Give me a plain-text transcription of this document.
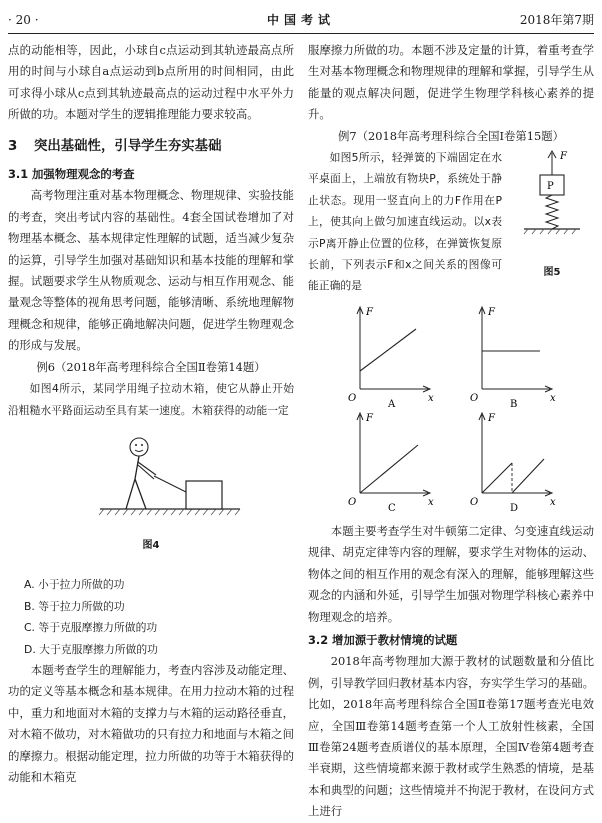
· 20 ·	中国考试	2018年第7期

点的动能相等，因此，小球自c点运动到其轨迹最高点所用的时间与小球自a点运动到b点所用的时间相同，由此可求得小球从c点到其轨迹最高点的运动过程中水平外力所做的功。本题对学生的逻辑推理能力要求较高。

3 突出基础性，引导学生夯实基础
3.1 加强物理观念的考查

高考物理注重对基本物理概念、物理规律、实验技能的考查，突出考试内容的基础性。4套全国试卷增加了对物理基本概念、基本规律定性理解的试题，适当减少复杂的运算，引导学生加强对基础知识和基本技能的理解和掌握。试题要求学生从物质观念、运动与相互作用观念、能量观念等整体的视角思考问题，能够清晰、系统地理解物理概念和规律，能够正确地解决问题，促进学生物理观念的形成与发展。

例6（2018年高考理科综合全国Ⅱ卷第14题）

如图4所示，某同学用绳子拉动木箱，使它从静止开始沿粗糙水平路面运动至具有某一速度。木箱获得的动能一定

图4
A. 小于拉力所做的功
B. 等于拉力所做的功
C. 等于克服摩擦力所做的功
D. 大于克服摩擦力所做的功

本题考查学生的理解能力，考查内容涉及动能定理、功的定义等基本概念和基本规律。在用力拉动木箱的过程中，重力和地面对木箱的支撑力与木箱的运动路径垂直，对木箱不做功，对木箱做功的只有拉力和地面与木箱之间的摩擦力。根据动能定理，拉力所做的功等于木箱获得的动能和木箱克

服摩擦力所做的功。本题不涉及定量的计算，着重考查学生对基本物理概念和物理规律的理解和掌握，引导学生从能量的观点解决问题，促进学生物理学科核心素养的提升。

例7（2018年高考理科综合全国Ⅰ卷第15题）

F
P
图5

如图5所示，轻弹簧的下端固定在水平桌面上，上端放有物块P，系统处于静止状态。现用一竖直向上的力F作用在P上，使其向上做匀加速直线运动。以x表示P离开静止位置的位移，在弹簧恢复原长前，下列表示F和x之间关系的图像可能正确的是

F
x
O
A
F
x
O
B
F
x
O
C
F
x
O
D

本题主要考查学生对牛顿第二定律、匀变速直线运动规律、胡克定律等内容的理解，要求学生对物体的运动、物体之间的相互作用的观念有深入的理解，能够理解这些观念的内涵和外延，引导学生加强对物理学科核心素养中物理观念的培养。

3.2 增加源于教材情境的试题

2018年高考物理加大源于教材的试题数量和分值比例，引导教学回归教材基本内容，夯实学生学习的基础。比如，2018年高考理科综合全国Ⅱ卷第17题考查光电效应，全国Ⅲ卷第14题考查第一个人工放射性核素，全国Ⅲ卷第24题考查质谱仪的基本原理，全国Ⅳ卷第4题考查半衰期，这些情境都来源于教材或学生熟悉的情境，是基本和典型的问题；这些情境并不拘泥于教材，在设问方式上进行
